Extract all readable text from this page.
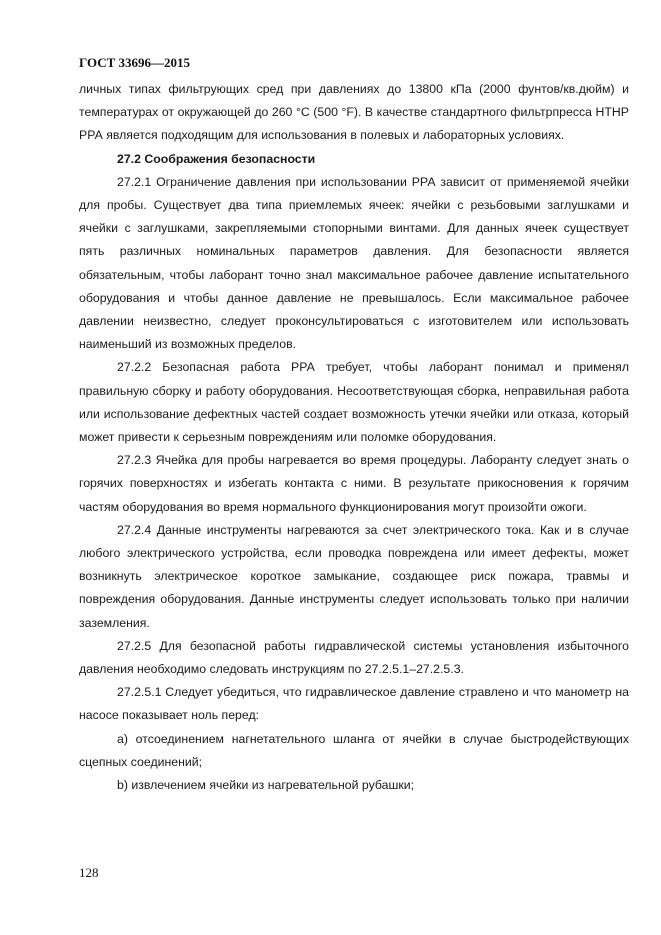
ГОСТ 33696—2015

личных типах фильтрующих сред при давлениях до 13800 кПа (2000 фунтов/кв.дюйм) и температурах от окружающей до 260 °С (500 °F). В качестве стандартного фильтрпресса НТНР РРА является подходящим для использования в полевых и лабораторных условиях.

27.2 Соображения безопасности

27.2.1 Ограничение давления при использовании РРА зависит от применяемой ячейки для пробы. Существует два типа приемлемых ячеек: ячейки с резьбовыми заглушками и ячейки с заглушками, закрепляемыми стопорными винтами. Для данных ячеек существует пять различных номинальных параметров давления. Для безопасности является обязательным, чтобы лаборант точно знал максимальное рабочее давление испытательного оборудования и чтобы данное давление не превышалось. Если максимальное рабочее давлении неизвестно, следует проконсультироваться с изготовителем или использовать наименьший из возможных пределов.

27.2.2 Безопасная работа РРА требует, чтобы лаборант понимал и применял правильную сборку и работу оборудования. Несоответствующая сборка, неправильная работа или использование дефектных частей создает возможность утечки ячейки или отказа, который может привести к серьезным повреждениям или поломке оборудования.

27.2.3 Ячейка для пробы нагревается во время процедуры. Лаборанту следует знать о горячих поверхностях и избегать контакта с ними. В результате прикосновения к горячим частям оборудования во время нормального функционирования могут произойти ожоги.

27.2.4 Данные инструменты нагреваются за счет электрического тока. Как и в случае любого электрического устройства, если проводка повреждена или имеет дефекты, может возникнуть электрическое короткое замыкание, создающее риск пожара, травмы и повреждения оборудования. Данные инструменты следует использовать только при наличии заземления.

27.2.5 Для безопасной работы гидравлической системы установления избыточного давления необходимо следовать инструкциям по 27.2.5.1–27.2.5.3.

27.2.5.1 Следует убедиться, что гидравлическое давление стравлено и что манометр на насосе показывает ноль перед:

а) отсоединением нагнетательного шланга от ячейки в случае быстродействующих сцепных соединений;

b) извлечением ячейки из нагревательной рубашки;

128
